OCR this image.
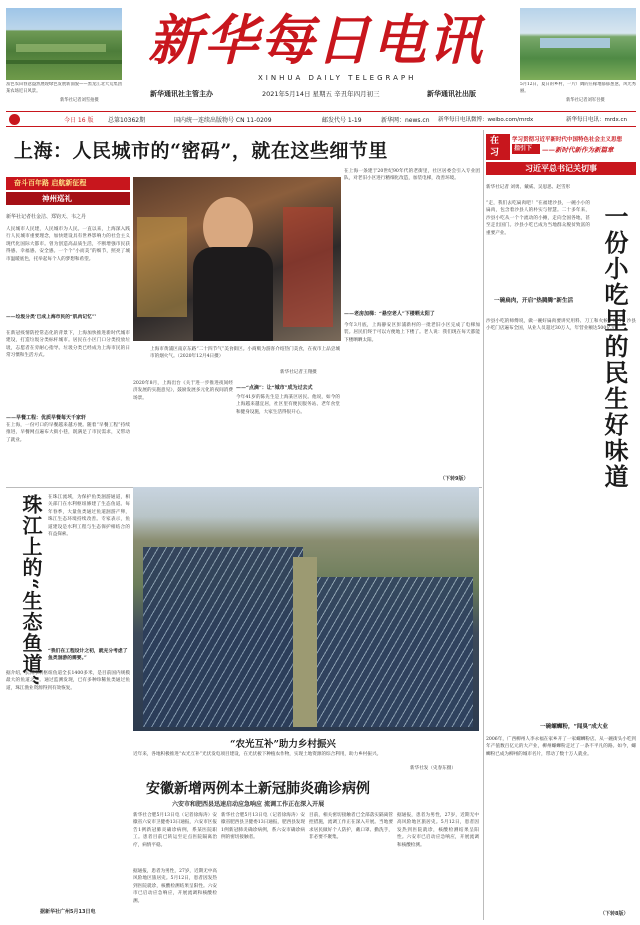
富色农田春意盎然展现绿色发展新面貌——黑龙江北大荒集团某农场近日风景。
新华社记者刘雪拍摄
新华每日电讯
XINHUA DAILY TELEGRAPH
新华通讯社主管主办	2021年5月14日 星期五 辛丑年四月初三	新华通讯社出版
5月12日，夏日的乡村，一片广阔的庄稼地郁郁葱葱，风光秀丽。
新华社记者刘军吾摄
今日 16 版 总第10362期	国内统一连续出版物号 CN 11-0209	邮发代号 1-19	新华网：news.cn 新华每日电讯微博：weibo.com/mrdx	新华每日电讯：mrdx.cn
上海：人民城市的“密码”，就在这些细节里
奋斗百年路 启航新征程
神州巡礼
新华社记者杜金洁、郑钧天、韦之丹
人民城市人民建，人民城市为人民。一直以来，上海深入践行人民城市重要理念，加快建设具有世界影响力的社会主义现代化国际大都市。曾为创造高品质生活，不断增强市民获得感、幸福感、安全感。一个个“小而美”的细节，照亮了城市温暖底色，托举起每个人的梦想和希望。
——垃圾分类‘已成上海市民的“肌肉记忆”’
在新冠疫情防控常态化的背景下，上海加快推进新时代城市建设，打造垃圾分类标杆城市。居民在小区门口分类投放垃圾，志愿者在旁耐心指导。垃圾分类已经成为上海市民的日常习惯和生活方式。
——早餐工程：优质早餐每天千家轩
在上海，一份可口的早餐越来越方便。随着“早餐工程”持续推进，早餐网点遍布大街小巷，既满足了市民需求，又带动了就业。
上海市黄浦区南京东路“二十四节气”美食街区。小商贩为游客介绍热门美食，在夜市上品尝城市的烟火气。（2020年12月4日摄）
新华社记者王翔摄
2020年8月，上海出台《关于进一步推进夜间经济发展的实施意见》，鼓励发展多元化的夜间消费场景。
——“点滴”：让“城市”成为过去式
今年41岁的陈先生是上海某区居民。他说，如今的上海越来越宜居，社区里有便民服务站、老年食堂和健身设施，大家生活得很开心。
在上海一条建于20世纪90年代的老街里，社区居委会引入专业团队，对老旧小区进行精细化改造，加装电梯，改善环境。
——老房加梯：“悬空老人”下楼晒太阳了
今年3月底，上海静安区彭浦新村的一批老旧小区完成了电梯加装。居民们终于可以方便地上下楼了。老人说：我们现在每天都能下楼晒晒太阳。
（下转9版）
在习
学习贯彻习近平新时代中国特色社会主义思想
指引下	——新时代新作为新篇章
习近平总书记关切事
新华社记者 刘勇、戴威、吴思思、赵雪彤
一份小吃里的民生好味道
“走，我们去吃扁肉吧！”在福建沙县，一碗小小的扁肉，包含着沙县人的朴实与智慧。二十多年来，沙县小吃从一个个流动的小摊，走向全国各地，甚至走出国门。沙县小吃已成为当地群众脱贫致富的重要产业。
一碗扁肉，开启“热腾腾”新生活
沙县小吃的师傅说，做一碗好扁肉要讲究用料、刀工和火候。如今，沙县小吃门店遍布全国，从业人员超过30万人，年营业额达500亿元。
一碗螺蛳粉，“闻臭”成大业
2006年，广西柳州人李永福在家乡开了一家螺蛳粉店。从一碗街头小吃到年产值数百亿元的大产业，柳州螺蛳粉走过了一条不平凡的路。如今，螺蛳粉已成为柳州的城市名片，带动了数十万人就业。
（下转8版）
珠江上的“生态鱼道”	在珠江流域，为保护鱼类洄游通道，相关部门在水利枢纽修建了生态鱼道。每年春季，大量鱼类通过鱼道洄游产卵，珠江生态环境持续改善。专家表示，鱼道建设是水利工程与生态保护相结合的有益探索。
“我们在工程设计之初，就充分考虑了鱼类洄游的需要。”
据介绍，长洲水利枢纽鱼道全长1400多米，是目前国内规模最大的鱼道之一。通过监测发现，已有多种珍稀鱼类通过鱼道，珠江渔业资源得到有效恢复。
据新华社广州5月13日电
“农光互补”助力乡村振兴
近年来，各地积极推进“农光互补”光伏发电项目建设，在光伏板下种植农作物，实现土地资源的综合利用，助力乡村振兴。
新华社发（史春东摄）
安徽新增两例本土新冠肺炎确诊病例
六安市和肥西县迅速启动应急响应 流调工作正在深入开展
新华社合肥5月13日电（记者徐海涛）安徽省六安市卫健委13日通报，六安市区报告1例新冠肺炎确诊病例，系某医院职工。患者目前已转运至定点医院隔离治疗，病情平稳。
据通报，患者为男性，27岁，近期无中高风险地区旅居史。5月12日，患者因发热到医院就诊，核酸检测结果呈阳性。六安市已启动应急响应，开展流调和核酸检测。
新华社合肥5月13日电（记者徐海涛）安徽省肥西县卫健委13日通报，肥西县发现1例新冠肺炎确诊病例，系六安市确诊病例的密切接触者。
目前，相关密切接触者已全部落实隔离管控措施，流调工作正在深入开展。当地要求居民做好个人防护，戴口罩、勤洗手，非必要不聚集。
据通报，患者为男性，27岁，近期无中高风险地区旅居史。5月12日，患者因发热到医院就诊，核酸检测结果呈阳性。六安市已启动应急响应，开展流调和核酸检测。
